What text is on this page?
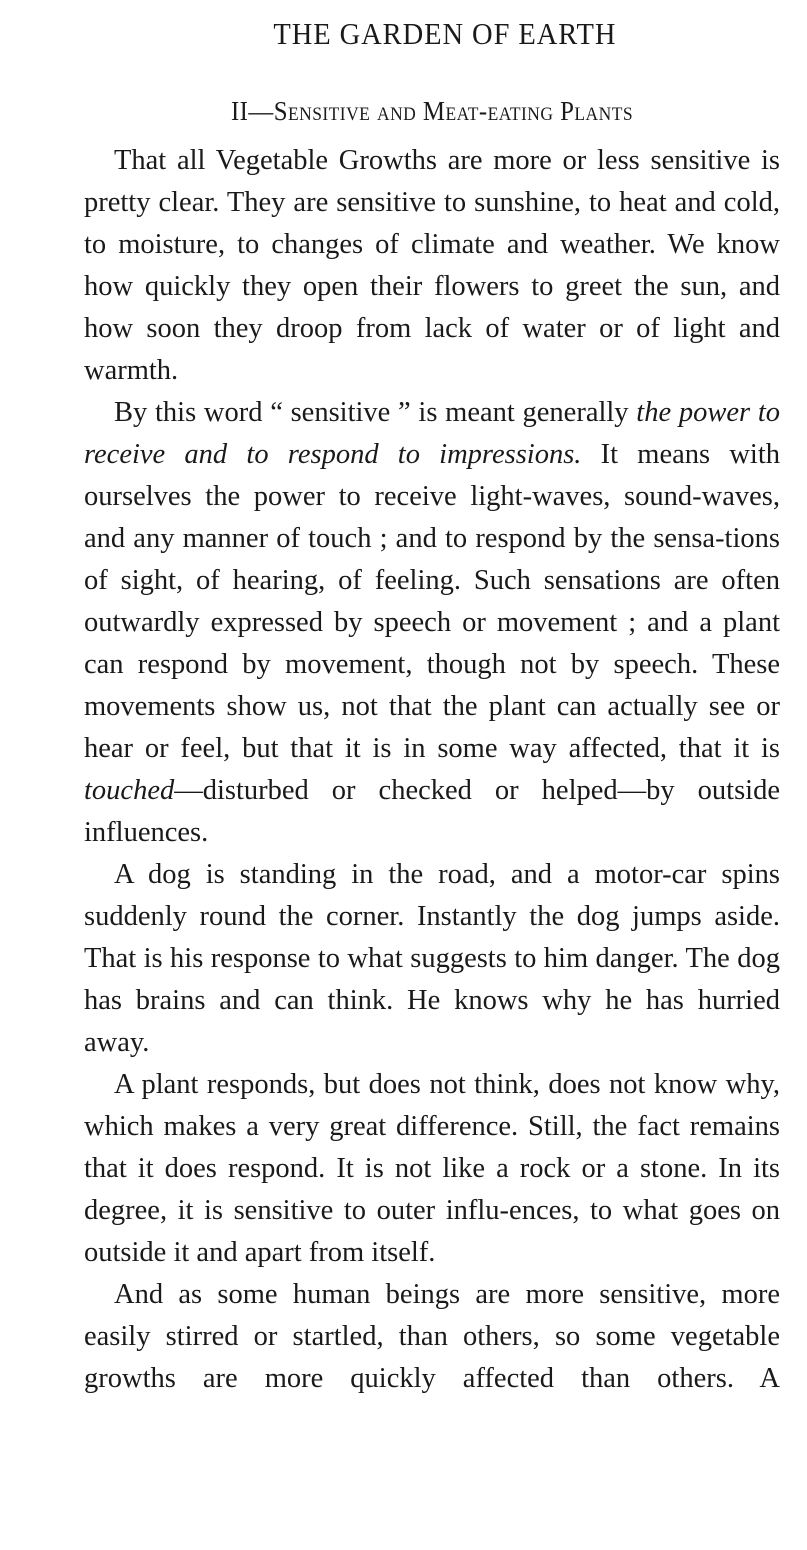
THE GARDEN OF EARTH
II—Sensitive and Meat-eating Plants

That all Vegetable Growths are more or less sensitive is pretty clear. They are sensitive to sunshine, to heat and cold, to moisture, to changes of climate and weather. We know how quickly they open their flowers to greet the sun, and how soon they droop from lack of water or of light and warmth.

By this word “ sensitive ” is meant generally the power to receive and to respond to impressions. It means with ourselves the power to receive light-waves, sound-waves, and any manner of touch ; and to respond by the sensa-tions of sight, of hearing, of feeling. Such sensations are often outwardly expressed by speech or movement ; and a plant can respond by movement, though not by speech. These movements show us, not that the plant can actually see or hear or feel, but that it is in some way affected, that it is touched—disturbed or checked or helped—by outside influences.

A dog is standing in the road, and a motor-car spins suddenly round the corner. Instantly the dog jumps aside. That is his response to what suggests to him danger. The dog has brains and can think. He knows why he has hurried away.

A plant responds, but does not think, does not know why, which makes a very great difference. Still, the fact remains that it does respond. It is not like a rock or a stone. In its degree, it is sensitive to outer influ-ences, to what goes on outside it and apart from itself.

And as some human beings are more sensitive, more easily stirred or startled, than others, so some vegetable growths are more quickly affected than others. A
